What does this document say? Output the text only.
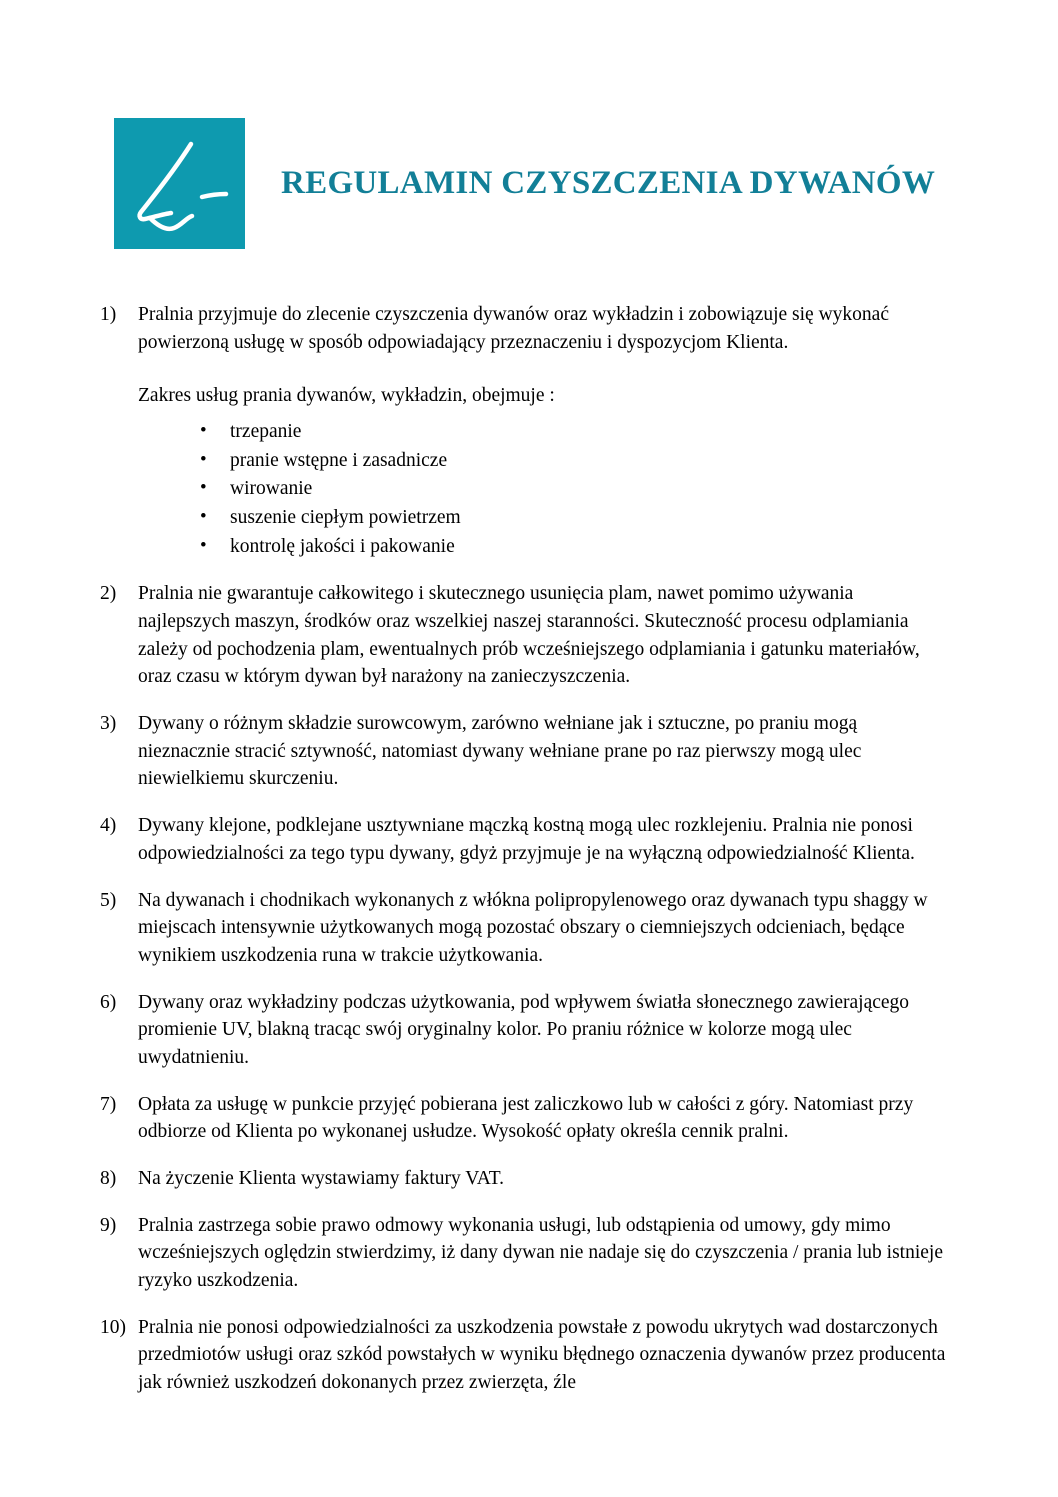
REGULAMIN CZYSZCZENIA DYWANÓW
1)	Pralnia przyjmuje do zlecenie czyszczenia dywanów oraz wykładzin i zobowiązuje się wykonać powierzoną usługę w sposób odpowiadający przeznaczeniu i dyspozycjom Klienta.

Zakres usług prania dywanów, wykładzin, obejmuje :

• trzepanie
• pranie wstępne i zasadnicze
• wirowanie
• suszenie ciepłym powietrzem
• kontrolę jakości i pakowanie
2)	Pralnia nie gwarantuje całkowitego i skutecznego usunięcia plam, nawet pomimo używania najlepszych maszyn, środków oraz wszelkiej naszej staranności. Skuteczność procesu odplamiania zależy od pochodzenia plam, ewentualnych prób wcześniejszego odplamiania i gatunku materiałów, oraz czasu w którym dywan był narażony na zanieczyszczenia.

3)	Dywany o różnym składzie surowcowym, zarówno wełniane jak i sztuczne, po praniu mogą nieznacznie stracić sztywność, natomiast dywany wełniane prane po raz pierwszy mogą ulec niewielkiemu skurczeniu.

4)	Dywany klejone, podklejane usztywniane mączką kostną mogą ulec rozklejeniu. Pralnia nie ponosi odpowiedzialności za tego typu dywany, gdyż przyjmuje je na wyłączną odpowiedzialność Klienta.

5)	Na dywanach i chodnikach wykonanych z włókna polipropylenowego oraz dywanach typu shaggy w miejscach intensywnie użytkowanych mogą pozostać obszary o ciemniejszych odcieniach, będące wynikiem uszkodzenia runa w trakcie użytkowania.

6)	Dywany oraz wykładziny podczas użytkowania, pod wpływem światła słonecznego zawierającego promienie UV, blakną tracąc swój oryginalny kolor. Po praniu różnice w kolorze mogą ulec uwydatnieniu.

7)	Opłata za usługę w punkcie przyjęć pobierana jest zaliczkowo lub w całości z góry. Natomiast przy odbiorze od Klienta po wykonanej usłudze. Wysokość opłaty określa cennik pralni.

8)	Na życzenie Klienta wystawiamy faktury VAT.

9)	Pralnia zastrzega sobie prawo odmowy wykonania usługi, lub odstąpienia od umowy, gdy mimo wcześniejszych oględzin stwierdzimy, iż dany dywan nie nadaje się do czyszczenia / prania lub istnieje ryzyko uszkodzenia.

10) Pralnia nie ponosi odpowiedzialności za uszkodzenia powstałe z powodu ukrytych wad dostarczonych przedmiotów usługi oraz szkód powstałych w wyniku błędnego oznaczenia dywanów przez producenta jak również uszkodzeń dokonanych przez zwierzęta, źle
